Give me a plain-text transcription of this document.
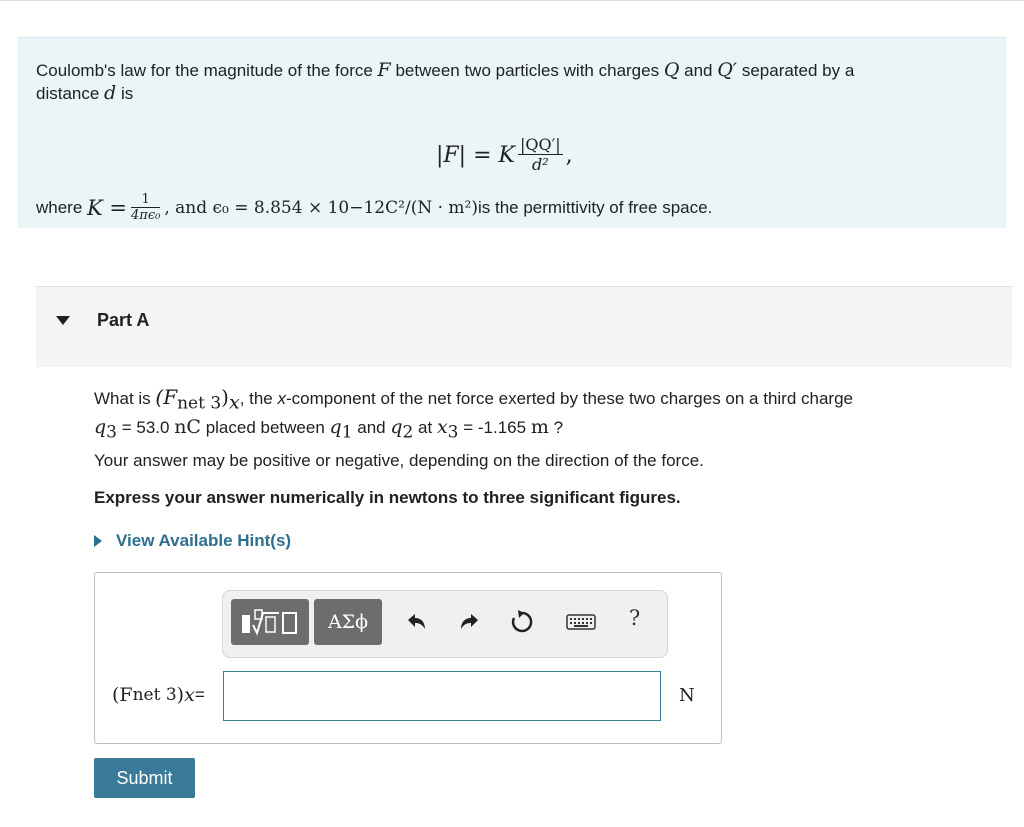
Coulomb's law for the magnitude of the force F between two particles with charges Q and Q′ separated by a
distance d is
|F| = K $\frac{|QQ'|}{\text{d²}}$ ,
where
$K = \frac{1}{\text{4πϵ₀}}$ , and ϵ₀ = 8.854 × 10 −12 C²/(N · m²) is the permittivity of free space.
Part A
What is $(F_{net 3})_x$, the x-component of the net force exerted by these two charges on a third charge
$q_3 = 53.0$ nC placed between $q_1$ and $q_2$ at $x_3 = -1.165$ m ?
Your answer may be positive or negative, depending on the direction of the force.
Express your answer numerically in newtons to three significant figures.
View Available Hint(s)
ΑΣϕ	?
(F net 3 ) x =	N
Submit
